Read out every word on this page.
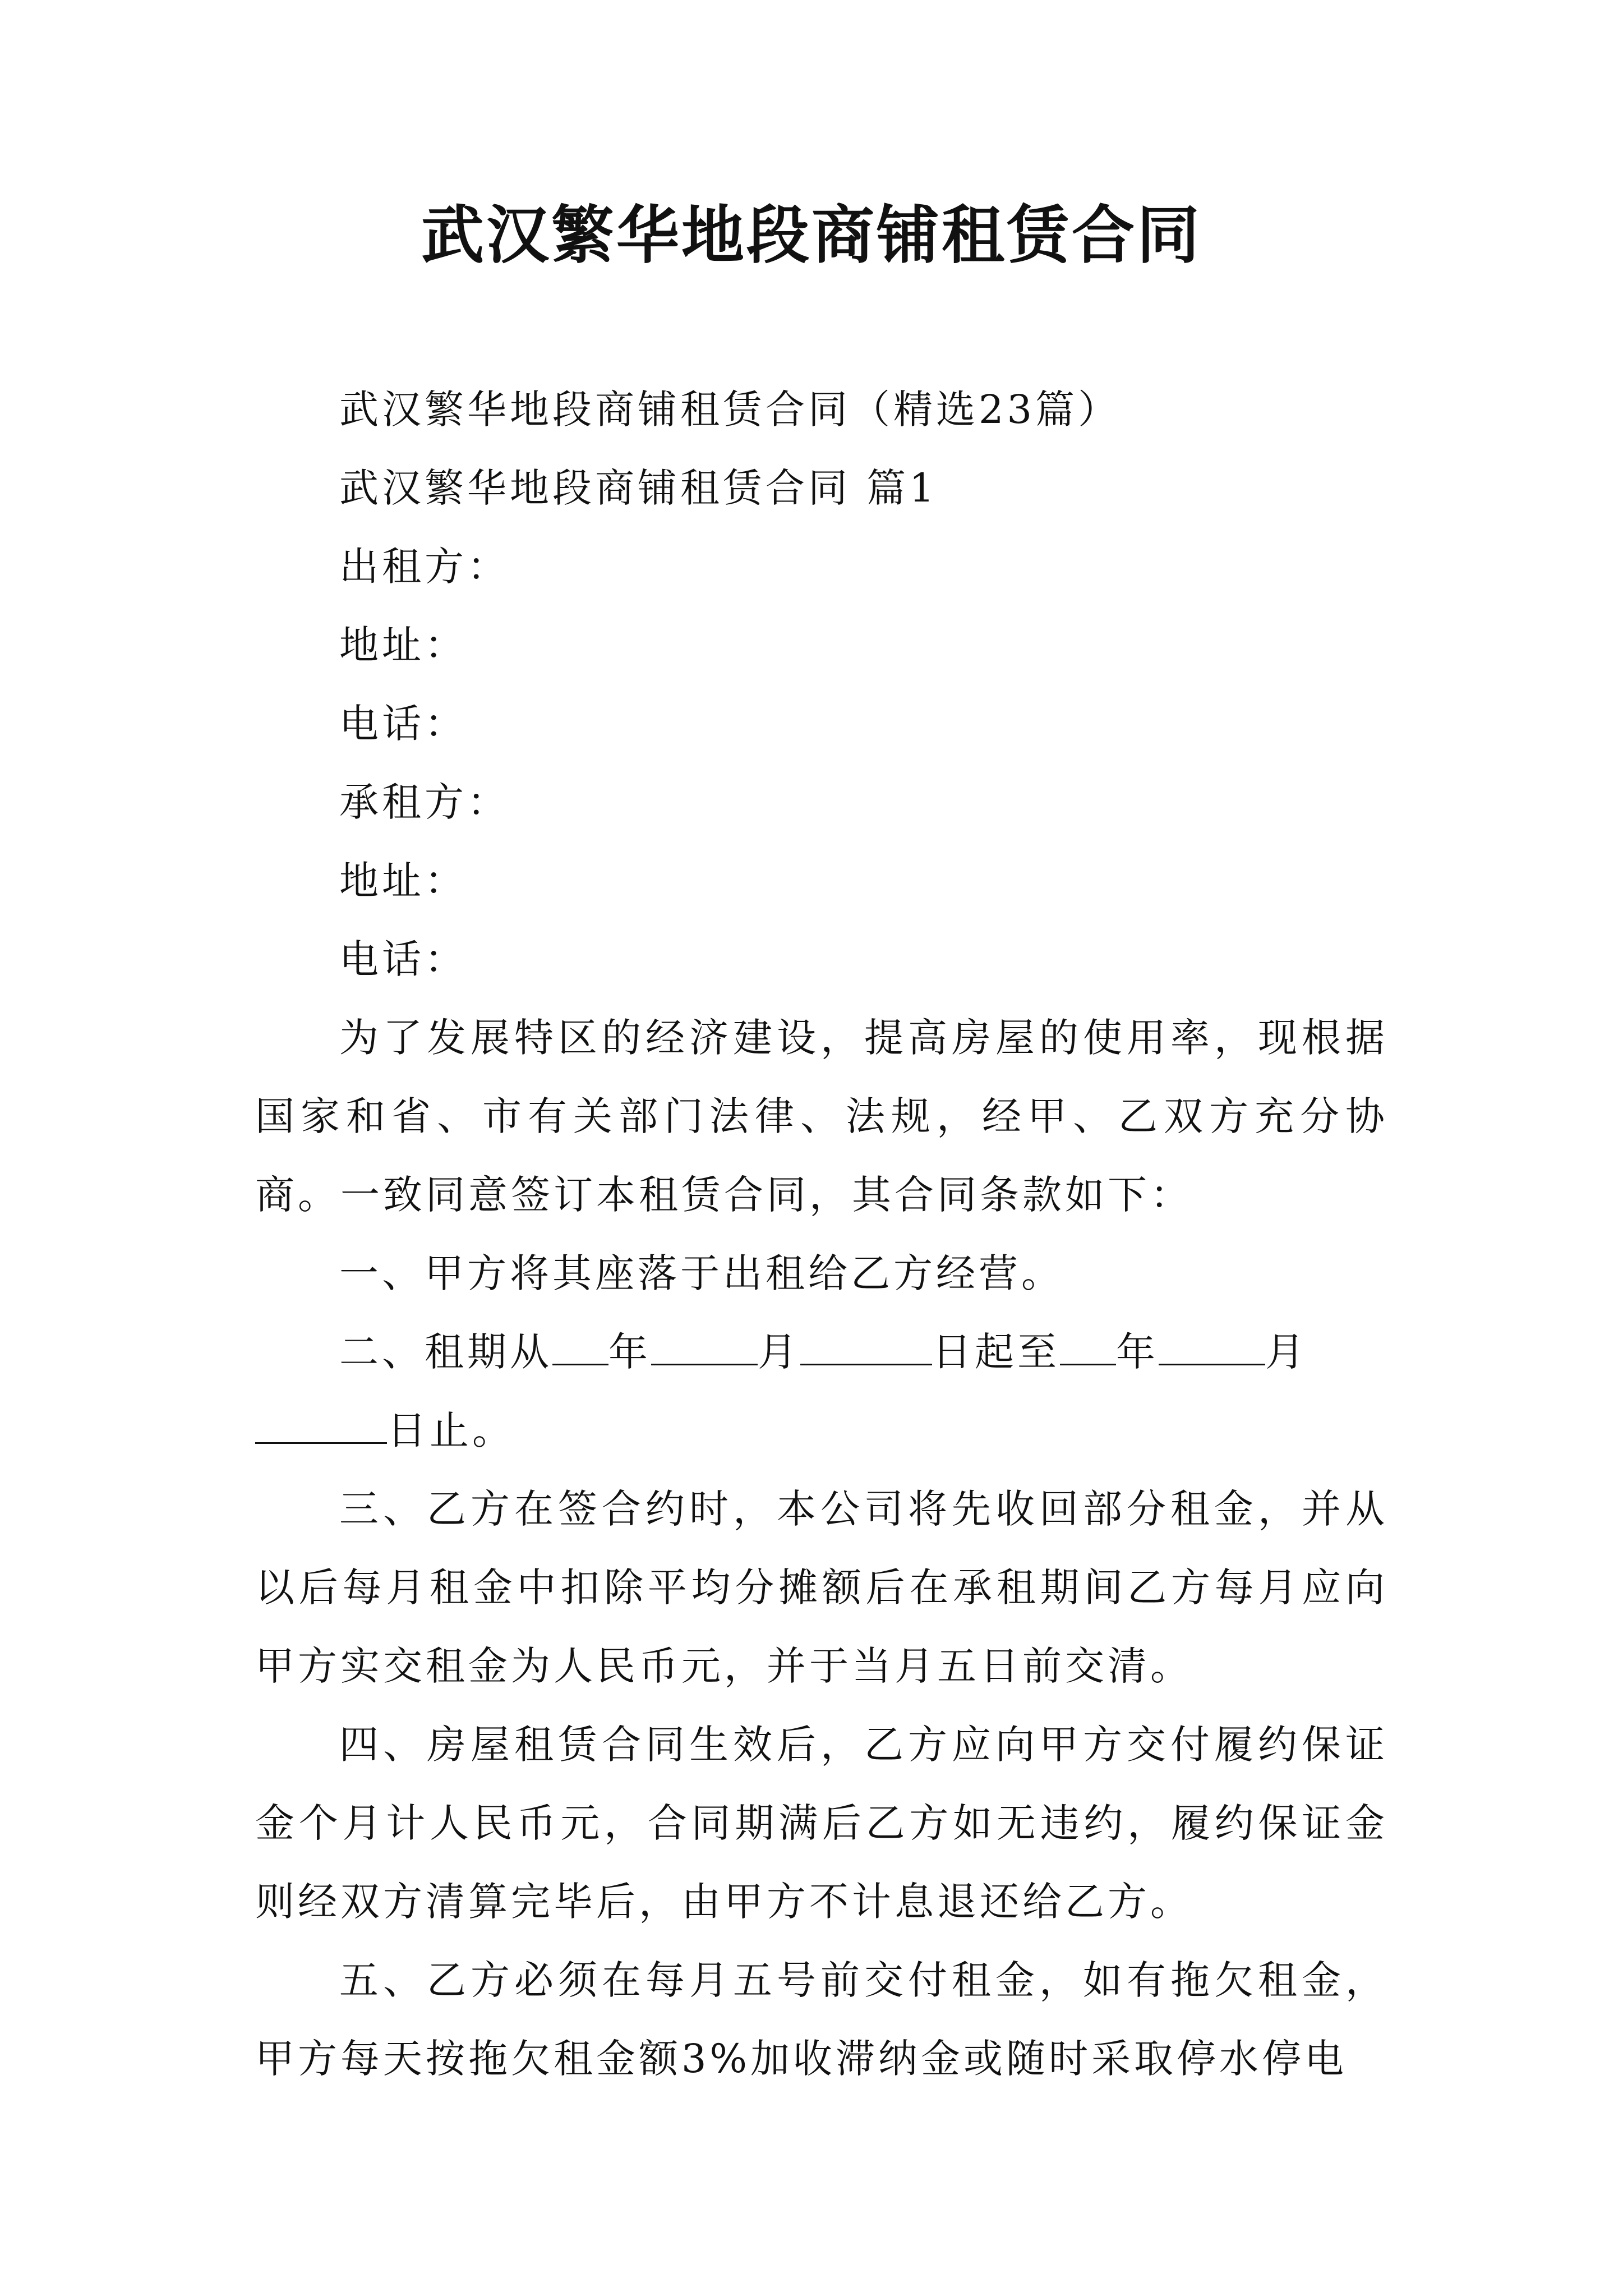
武汉繁华地段商铺租赁合同

武汉繁华地段商铺租赁合同（精选23篇）

武汉繁华地段商铺租赁合同 篇1

出租方：

地址：

电话：

承租方：

地址：

电话：

为了发展特区的经济建设，提高房屋的使用率，现根据国家和省、市有关部门法律、法规，经甲、乙双方充分协商。一致同意签订本租赁合同，其合同条款如下：

一、甲方将其座落于出租给乙方经营。

二、租期从 年	月	日起至 年	月日止。

三、乙方在签合约时，本公司将先收回部分租金，并从以后每月租金中扣除平均分摊额后在承租期间乙方每月应向甲方实交租金为人民币元，并于当月五日前交清。

四、房屋租赁合同生效后，乙方应向甲方交付履约保证金个月计人民币元，合同期满后乙方如无违约，履约保证金则经双方清算完毕后，由甲方不计息退还给乙方。

五、乙方必须在每月五号前交付租金，如有拖欠租金，甲方每天按拖欠租金额3%加收滞纳金或随时采取停水停电
